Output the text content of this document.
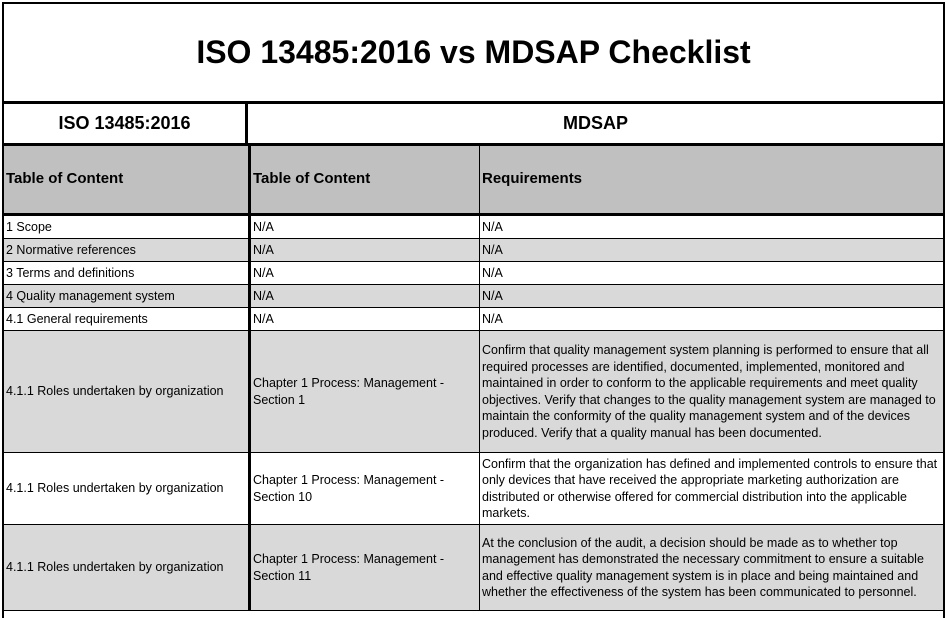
ISO 13485:2016 vs MDSAP Checklist
ISO 13485:2016	MDSAP
Table of Content	Table of Content	Requirements
1 Scope	N/A	N/A
2 Normative references	N/A	N/A
3 Terms and definitions	N/A	N/A
4 Quality management system	N/A	N/A
4.1 General requirements	N/A	N/A
4.1.1 Roles undertaken by organization	Chapter 1 Process: Management - Section 1	Confirm that quality management system planning is performed to ensure that all required processes are identified, documented, implemented, monitored and maintained in order to conform to the applicable requirements and meet quality objectives. Verify that changes to the quality management system are managed to maintain the conformity of the quality management system and of the devices produced. Verify that a quality manual has been documented.
4.1.1 Roles undertaken by organization	Chapter 1 Process: Management - Section 10	Confirm that the organization has defined and implemented controls to ensure that only devices that have received the appropriate marketing authorization are distributed or otherwise offered for commercial distribution into the applicable markets.
4.1.1 Roles undertaken by organization	Chapter 1 Process: Management - Section 11	At the conclusion of the audit, a decision should be made as to whether top management has demonstrated the necessary commitment to ensure a suitable and effective quality management system is in place and being maintained and whether the effectiveness of the system has been communicated to personnel.
